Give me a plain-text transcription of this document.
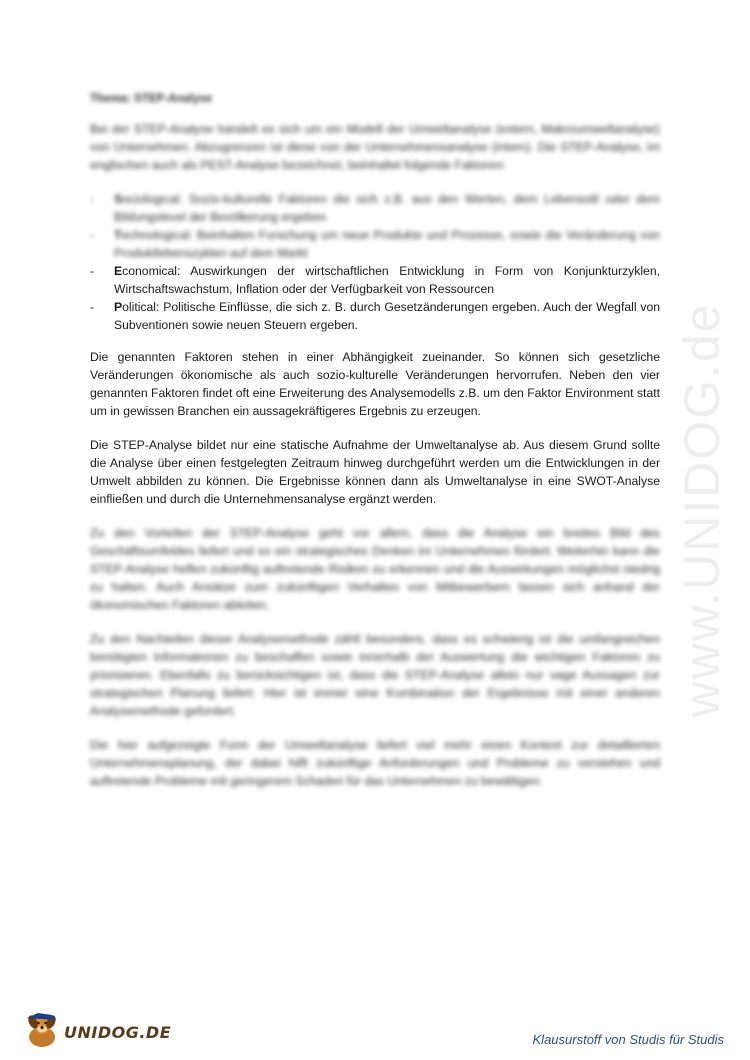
www.UNIDOG.de
Thema: STEP-Analyse

Bei der STEP-Analyse handelt es sich um ein Modell der Umweltanalyse (extern, Makroumweltanalyse) von Unternehmen. Abzugrenzen ist diese von der Unternehmensanalyse (intern). Die STEP-Analyse, im englischen auch als PEST-Analyse bezeichnet, beinhaltet folgende Faktoren:

- Sociological: Sozio-kulturelle Faktoren die sich z.B. aus den Werten, dem Lebensstil oder dem Bildungslevel der Bevölkerung ergeben
- Technological: Beinhalten Forschung um neue Produkte und Prozesse, sowie die Veränderung von Produktlebenszyklen auf dem Markt
- Economical: Auswirkungen der wirtschaftlichen Entwicklung in Form von Konjunkturzyklen, Wirtschaftswachstum, Inflation oder der Verfügbarkeit von Ressourcen
- Political: Politische Einflüsse, die sich z. B. durch Gesetzänderungen ergeben. Auch der Wegfall von Subventionen sowie neuen Steuern ergeben.

Die genannten Faktoren stehen in einer Abhängigkeit zueinander. So können sich gesetzliche Veränderungen ökonomische als auch sozio-kulturelle Veränderungen hervorrufen. Neben den vier genannten Faktoren findet oft eine Erweiterung des Analysemodells z.B. um den Faktor Environment statt um in gewissen Branchen ein aussagekräftigeres Ergebnis zu erzeugen.

Die STEP-Analyse bildet nur eine statische Aufnahme der Umweltanalyse ab. Aus diesem Grund sollte die Analyse über einen festgelegten Zeitraum hinweg durchgeführt werden um die Entwicklungen in der Umwelt abbilden zu können. Die Ergebnisse können dann als Umweltanalyse in eine SWOT-Analyse einfließen und durch die Unternehmensanalyse ergänzt werden.

Zu den Vorteilen der STEP-Analyse geht vor allem, dass die Analyse ein breites Bild des Geschäftsumfeldes liefert und so ein strategisches Denken im Unternehmen fördert. Weiterhin kann die STEP-Analyse helfen zukünftig auftretende Risiken zu erkennen und die Auswirkungen möglichst niedrig zu halten. Auch Ansätze zum zukünftigen Verhalten von Mitbewerbern lassen sich anhand der ökonomischen Faktoren ableiten.

Zu den Nachteilen dieser Analysemethode zählt besonders, dass es schwierig ist die umfangreichen benötigten Informationen zu beschaffen sowie innerhalb der Auswertung die wichtigen Faktoren zu priorisieren. Ebenfalls zu berücksichtigen ist, dass die STEP-Analyse allein nur vage Aussagen zur strategischen Planung liefert. Hier ist immer eine Kombination der Ergebnisse mit einer anderen Analysemethode gefordert.

Die hier aufgezeigte Form der Umweltanalyse liefert viel mehr einen Kontext zur detaillierten Unternehmensplanung, der dabei hilft zukünftige Anforderungen und Probleme zu verstehen und auftretende Probleme mit geringerem Schaden für das Unternehmen zu bewältigen.

UNIDOG.DE	Klausurstoff von Studis für Studis
